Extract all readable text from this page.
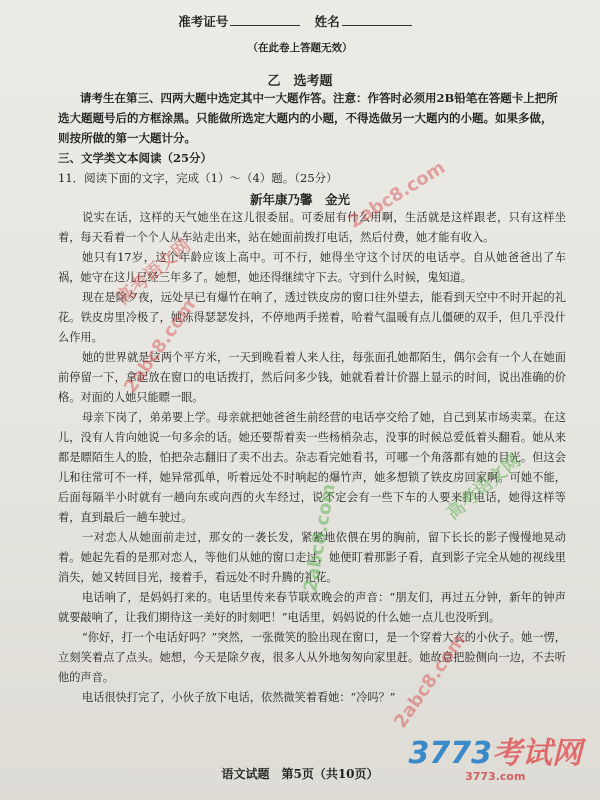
准考证号	姓名
（在此卷上答题无效）
乙　选考题
请考生在第三、四两大题中选定其中一大题作答。注意：作答时必须用2B铅笔在答题卡上把所选大题题号后的方框涂黑。只能做所选定大题内的小题，不得选做另一大题内的小题。如果多做，则按所做的第一大题计分。
三、文学类文本阅读（25分）
11．阅读下面的文字，完成（1）～（4）题。（25分）
新年康乃馨　金光

说实在话，这样的天气她坐在这儿很委屈。可委屈有什么用啊，生活就是这样跟老，只有这样坐着，每天看着一个个人从车站走出来，站在她面前拨打电话，然后付费，她才能有收入。

她只有17岁，这个年龄应该上高中。可不行，她得坐守这个讨厌的电话亭。自从她爸爸出了车祸，她守在这儿已经三年多了。她想，她还得继续守下去。守到什么时候，鬼知道。

现在是除夕夜，远处早已有爆竹在响了，透过铁皮房的窗口往外望去，能看到天空中不时开起的礼花。铁皮房里冷极了，她冻得瑟瑟发抖，不停地两手搓着，哈着气温暖有点儿僵硬的双手，但几乎没什么作用。

她的世界就是这两个平方米，一天到晚看着人来人往，每张面孔她都陌生，偶尔会有一个人在她面前停留一下，拿起放在窗口的电话拨打，然后问多少钱，她就看着计价器上显示的时间，说出准确的价格。对面的人她只能瞟一眼。

母亲下岗了，弟弟要上学。母亲就把她爸爸生前经营的电话亭交给了她，自己到某市场卖菜。在这儿，没有人肯向她说一句多余的话。她还要帮着卖一些杨梢杂志，没事的时候总爱低着头翻看。她从来都是瞟陌生人的脸，怕把杂志翻旧了卖不出去。杂志看完她看书，可哪一个角落都有她的目光。但这会儿和往常可不一样，她异常孤单，听着远处不时响起的爆竹声，她多想锁了铁皮房回家啊。可她不能，后面每隔半小时就有一趟向东或向西的火车经过，说不定会有一些下车的人要来打电话，她得这样等着，直到最后一趟车驶过。

一对恋人从她面前走过，那女的一袭长发，紧紧地依偎在男的胸前，留下长长的影子慢慢地晃动着。她起先看的是那对恋人，等他们从她的窗口走过，她便盯着那影子看，直到影子完全从她的视线里消失，她又转回目光，接着手，看远处不时升腾的礼花。

电话响了，是妈妈打来的。电话里传来春节联欢晚会的声音：“朋友们，再过五分钟，新年的钟声就要敲响了，让我们期待这一美好的时刻吧！”电话里，妈妈说的什么她一点儿也没听到。

“你好，打一个电话好吗？”突然，一张微笑的脸出现在窗口，是一个穿着大衣的小伙子。她一愣，立刻笑着点了点头。她想，今天是除夕夜，很多人从外地匆匆向家里赶。她故意把脸侧向一边，不去听他的声音。

电话很快打完了，小伙子放下电话，依然微笑着看她：“冷吗？”

语文试题　第5页（共10页）
2abc8.com
2abc8.com
2abc8.com
高考语文网
高考语文网
2abc8.com
3773考试网
3773.com
